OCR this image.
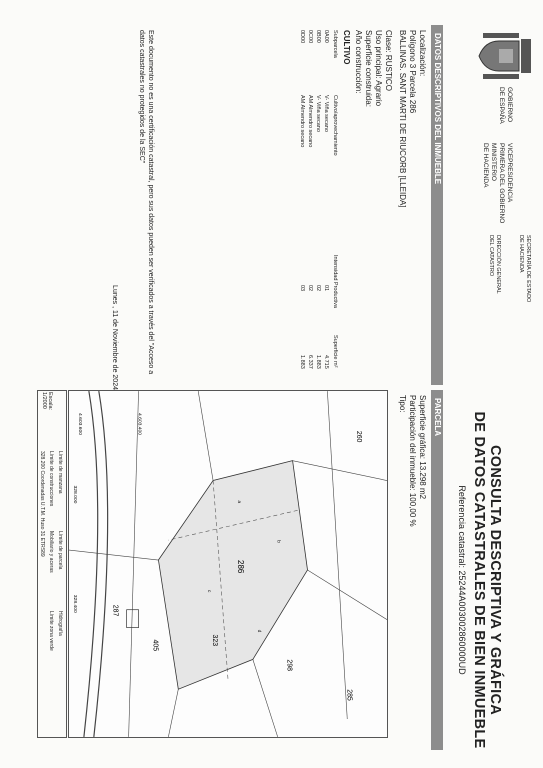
GOBIERNO
DE ESPAÑA
VICEPRESIDENCIA
PRIMERA DEL GOBIERNO
MINISTERIO
DE HACIENDA
SECRETARÍA DE ESTADO
DE HACIENDA
DIRECCIÓN GENERAL
DEL CATASTRO
CONSULTA DESCRIPTIVA Y GRÁFICA
DE DATOS CATASTRALES DE BIEN INMUEBLE
Referencia catastral: 25244A003002860000UD
DATOS DESCRIPTIVOS DEL INMUEBLE
Localización:
Polígono 3 Parcela 286
BALLINAS. SANT MARTI DE RIUCORB [LLEIDA]
Clase: RUSTICO
Uso principal: Agrario
Superficie construida:
Año construcción:
CULTIVO
Subparcela
Cultivo/aprovechamiento
Intensidad Productiva
Superficie m²
0A00
V- Viña secano
01
4.715
0B00
V- Viña secano
02
1.883
0C00
AM Almendro secano
02
6.337
0D00
AM Almendro secano
03
1.883
PARCELA
Superficie gráfica: 13.298 m2
Participación del inmueble: 100,00 %
Tipo:
260
287
286
405	323
298
285
a
b
c
d
4.603.600	4.603.400
328.000
328.400
Límite de manzana
Límite de parcela
Hidrografía
Límite de construcciones
Mobiliario y aceras
Límite zona verde
328.200 Coordenadas U.T.M. Huso 31 ETRS89
Escala:
1/2000
Este documento no es una certificación catastral, pero sus datos pueden ser verificados a través del "Acceso a datos catastrales no protegidos de la SEC"
Lunes , 11 de Noviembre de 2024
